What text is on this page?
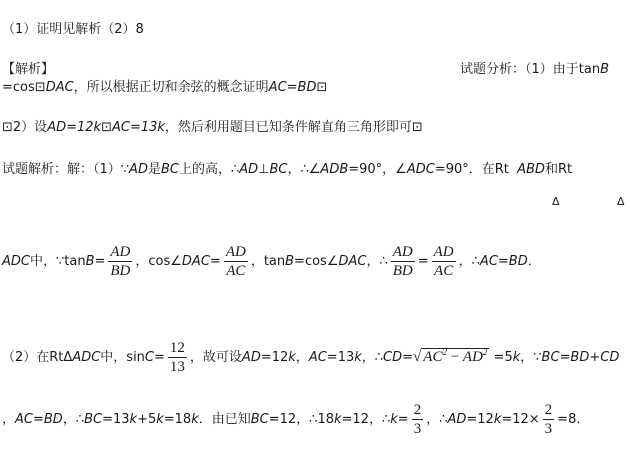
（1）证明见解析（2）8
【解析】	试题分析：（1）由于tanB
=cos⊡DAC，所以根据正切和余弦的概念证明AC=BD⊡
⊡2）设AD=12k⊡AC=13k，然后利用题目已知条件解直角三角形即可⊡
试题解析：解：（1）∵AD是BC上的高，∴AD⊥BC，∴∠ADB=90°，∠ADC=90°．在Rt ABD和Rt
Δ	Δ
ADC中，∵tanB= $\frac{AD}{BD}$ ，cos∠DAC= $\frac{AD}{AC}$ ，tanB=cos∠DAC，∴ $\frac{AD}{BD} = \frac{AD}{AC}$ ，∴AC=BD．
（2）在RtΔADC中，$\sin C= \frac{12}{13}$ ，故可设AD=12k，AC=13k，∴CD=√ $AC^2 - AD^2 =5k$，∵BC=BD+CD
，AC=BD，∴BC=13k+5k=18k．由已知BC=12，∴18k=12，∴k= $\frac{2}{3}$ ，∴AD=12k=12× $\frac{2}{3} =8$．
